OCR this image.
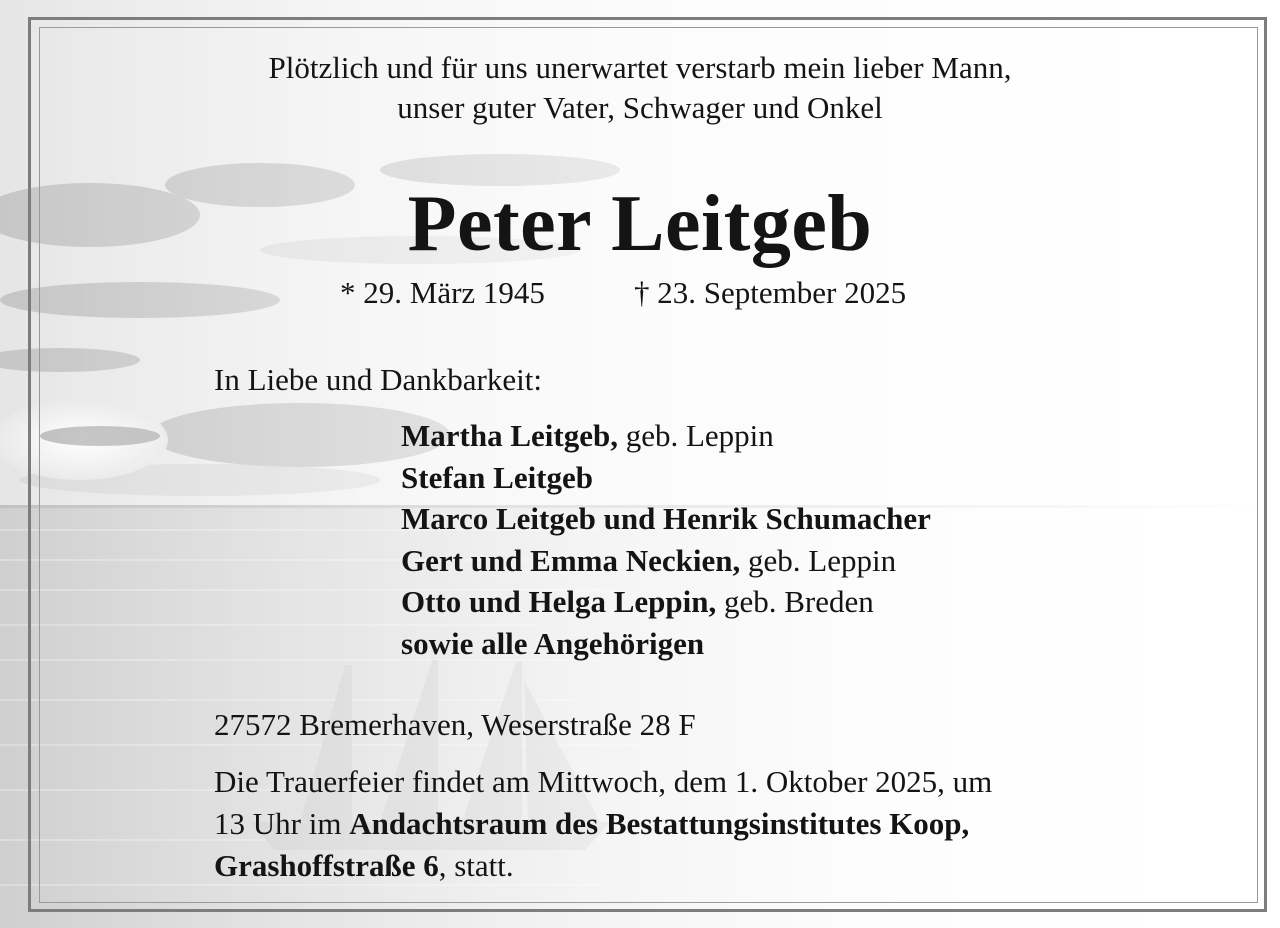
Plötzlich und für uns unerwartet verstarb mein lieber Mann,
unser guter Vater, Schwager und Onkel
Peter Leitgeb
* 29. März 1945	† 23. September 2025
In Liebe und Dankbarkeit:
Martha Leitgeb, geb. Leppin
Stefan Leitgeb
Marco Leitgeb und Henrik Schumacher
Gert und Emma Neckien, geb. Leppin
Otto und Helga Leppin, geb. Breden
sowie alle Angehörigen
27572 Bremerhaven, Weserstraße 28 F
Die Trauerfeier findet am Mittwoch, dem 1. Oktober 2025, um
13 Uhr im Andachtsraum des Bestattungsinstitutes Koop,
Grashoffstraße 6, statt.
